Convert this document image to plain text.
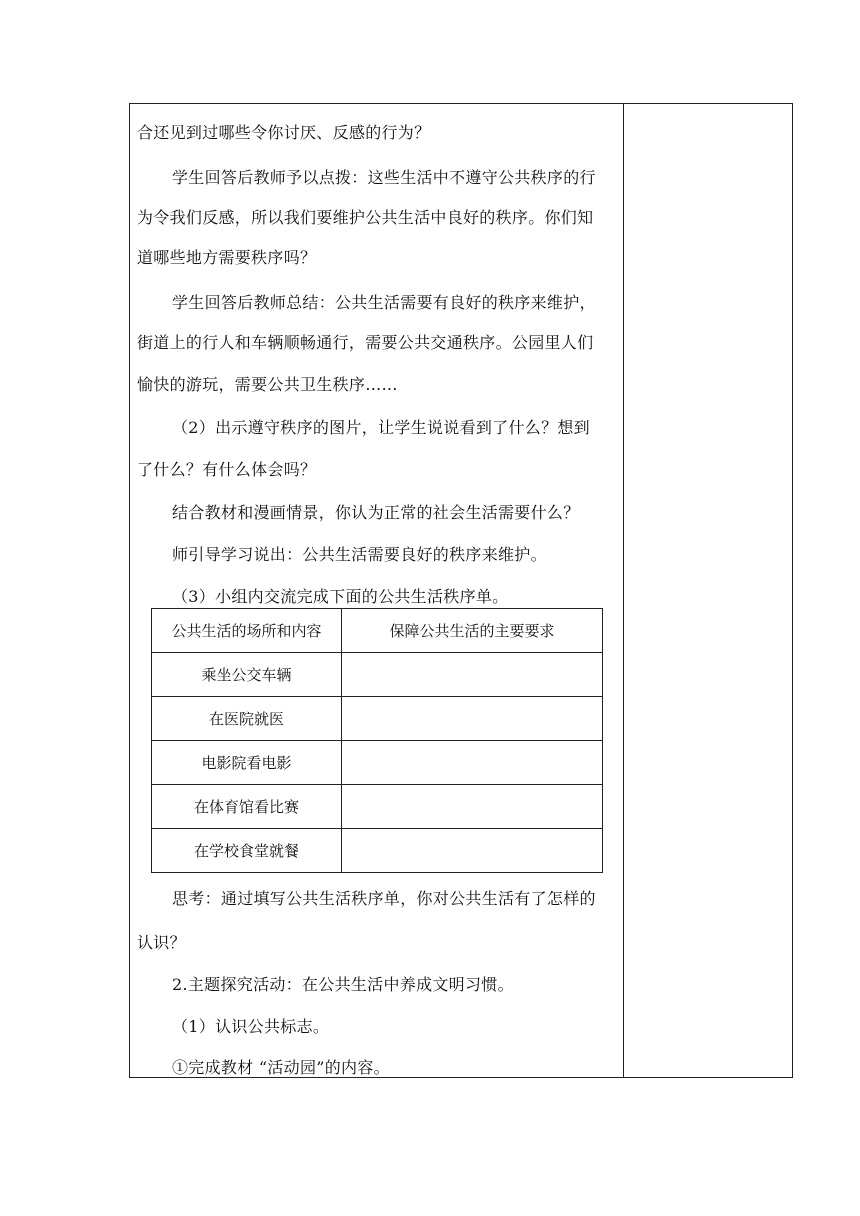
合还见到过哪些令你讨厌、反感的行为？
学生回答后教师予以点拨：这些生活中不遵守公共秩序的行
为令我们反感，所以我们要维护公共生活中良好的秩序。你们知
道哪些地方需要秩序吗？
学生回答后教师总结：公共生活需要有良好的秩序来维护，
街道上的行人和车辆顺畅通行，需要公共交通秩序。公园里人们
愉快的游玩，需要公共卫生秩序……
（2）出示遵守秩序的图片，让学生说说看到了什么？想到
了什么？有什么体会吗？
结合教材和漫画情景，你认为正常的社会生活需要什么？
师引导学习说出：公共生活需要良好的秩序来维护。
（3）小组内交流完成下面的公共生活秩序单。
公共生活的场所和内容	保障公共生活的主要要求
乘坐公交车辆	
在医院就医	
电影院看电影	
在体育馆看比赛	
在学校食堂就餐	
思考：通过填写公共生活秩序单，你对公共生活有了怎样的
认识？
2.主题探究活动：在公共生活中养成文明习惯。
（1）认识公共标志。
①完成教材 “活动园”的内容。
